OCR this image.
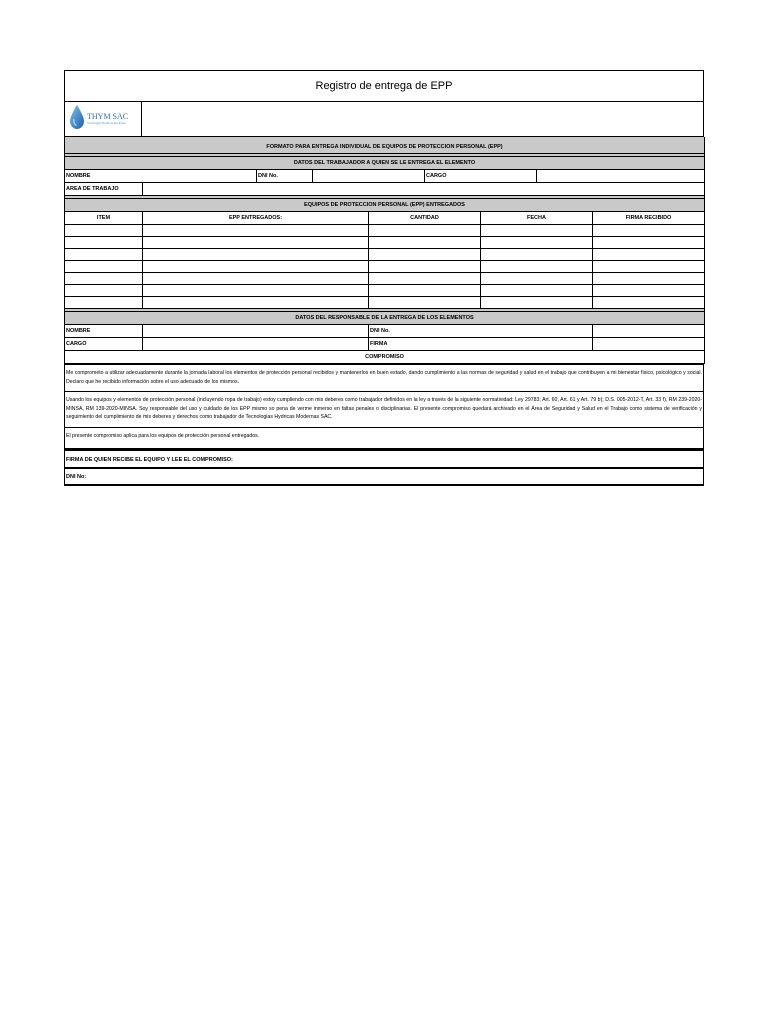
Registro de entrega de EPP
THYM SAC
Tecnologías Hydricas Modernas

FORMATO PARA ENTREGA INDIVIDUAL DE EQUIPOS DE PROTECCION PERSONAL (EPP)								

DATOS DEL TRABAJADOR A QUIEN SE LE ENTREGA EL ELEMENTO								
NOMBRE		DNI No.			CARGO			
AREA DE TRABAJO								

EQUIPOS DE PROTECCION PERSONAL (EPP) ENTREGADOS								
ITEM	EPP ENTREGADOS:			CANTIDAD		FECHA		FIRMA RECIBIDO

DATOS DEL RESPONSABLE DE LA ENTREGA DE LOS ELEMENTOS								
NOMBRE				DNI No.				
CARGO				FIRMA				
COMPROMISO								
Me comprometo a utilizar adecuadamente durante la jornada laboral los elementos de protección personal recibidos y mantenerlos en buen estado, dando cumplimiento a las normas de seguridad y salud en el trabajo que contribuyen a mi bienestar físico, psicológico y social. Declaro que he recibido información sobre el uso adecuado de los mismos.
Usando los equipos y elementos de protección personal (incluyendo ropa de trabajo) estoy cumpliendo con mis deberes como trabajador definidos en la ley a través de la siguiente normatividad: Ley 29783; Art. 60, Art. 61 y Art. 79 b); D.S. 005-2012-T, Art. 33 f), RM 239-2020-MINSA, RM 139-2020-MINSA. Soy responsable del uso y cuidado de los EPP mismo so pena de verme inmerso en faltas penales o disciplinarias. El presente compromiso quedará archivado en el Área de Seguridad y Salud en el Trabajo como sistema de verificación y seguimiento del cumplimiento de mis deberes y derechos como trabajador de Tecnologias Hydricas Modernas SAC.
El presente compromiso aplica para los equipos de protección personal entregados.
FIRMA DE QUIEN RECIBE EL EQUIPO Y LEE EL COMPROMISO:
DNI No:
